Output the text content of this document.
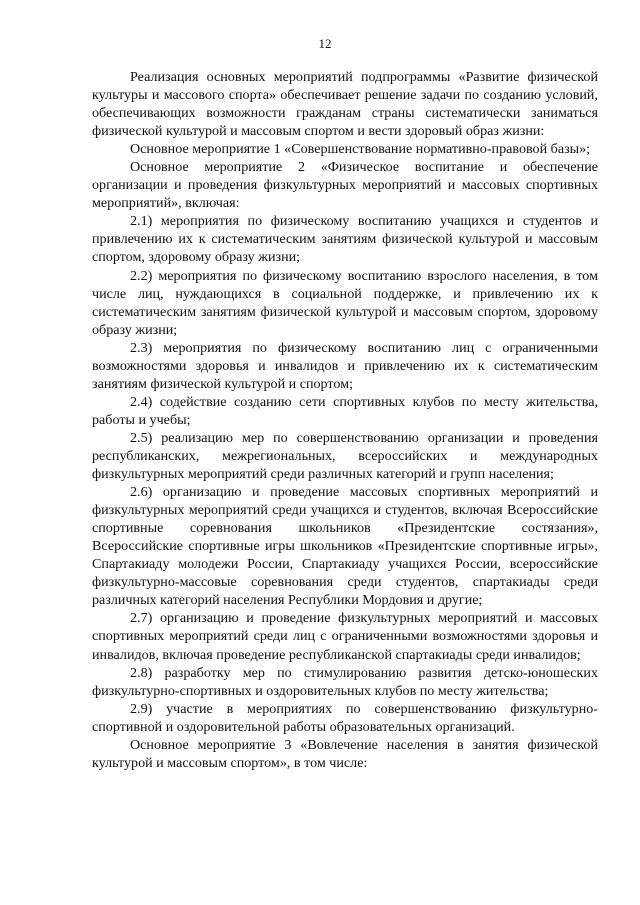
12

Реализация основных мероприятий подпрограммы «Развитие физической культуры и массового спорта» обеспечивает решение задачи по созданию условий, обеспечивающих возможности гражданам страны систематически заниматься физической культурой и массовым спортом и вести здоровый образ жизни:

Основное мероприятие 1 «Совершенствование нормативно-правовой базы»;

Основное мероприятие 2 «Физическое воспитание и обеспечение организации и проведения физкультурных мероприятий и массовых спортивных мероприятий», включая:

2.1) мероприятия по физическому воспитанию учащихся и студентов и привлечению их к систематическим занятиям физической культурой и массовым спортом, здоровому образу жизни;

2.2) мероприятия по физическому воспитанию взрослого населения, в том числе лиц, нуждающихся в социальной поддержке, и привлечению их к систематическим занятиям физической культурой и массовым спортом, здоровому образу жизни;

2.3) мероприятия по физическому воспитанию лиц с ограниченными возможностями здоровья и инвалидов и привлечению их к систематическим занятиям физической культурой и спортом;

2.4) содействие созданию сети спортивных клубов по месту жительства, работы и учебы;

2.5) реализацию мер по совершенствованию организации и проведения республиканских, межрегиональных, всероссийских и международных физкультурных мероприятий среди различных категорий и групп населения;

2.6) организацию и проведение массовых спортивных мероприятий и физкультурных мероприятий среди учащихся и студентов, включая Всероссийские спортивные соревнования школьников «Президентские состязания», Всероссийские спортивные игры школьников «Президентские спортивные игры», Спартакиаду молодежи России, Спартакиаду учащихся России, всероссийские физкультурно-массовые соревнования среди студентов, спартакиады среди различных категорий населения Республики Мордовия и другие;

2.7) организацию и проведение физкультурных мероприятий и массовых спортивных мероприятий среди лиц с ограниченными возможностями здоровья и инвалидов, включая проведение республиканской спартакиады среди инвалидов;

2.8) разработку мер по стимулированию развития детско-юношеских физкультурно-спортивных и оздоровительных клубов по месту жительства;

2.9) участие в мероприятиях по совершенствованию физкультурно-спортивной и оздоровительной работы образовательных организаций.

Основное мероприятие 3 «Вовлечение населения в занятия физической культурой и массовым спортом», в том числе:
